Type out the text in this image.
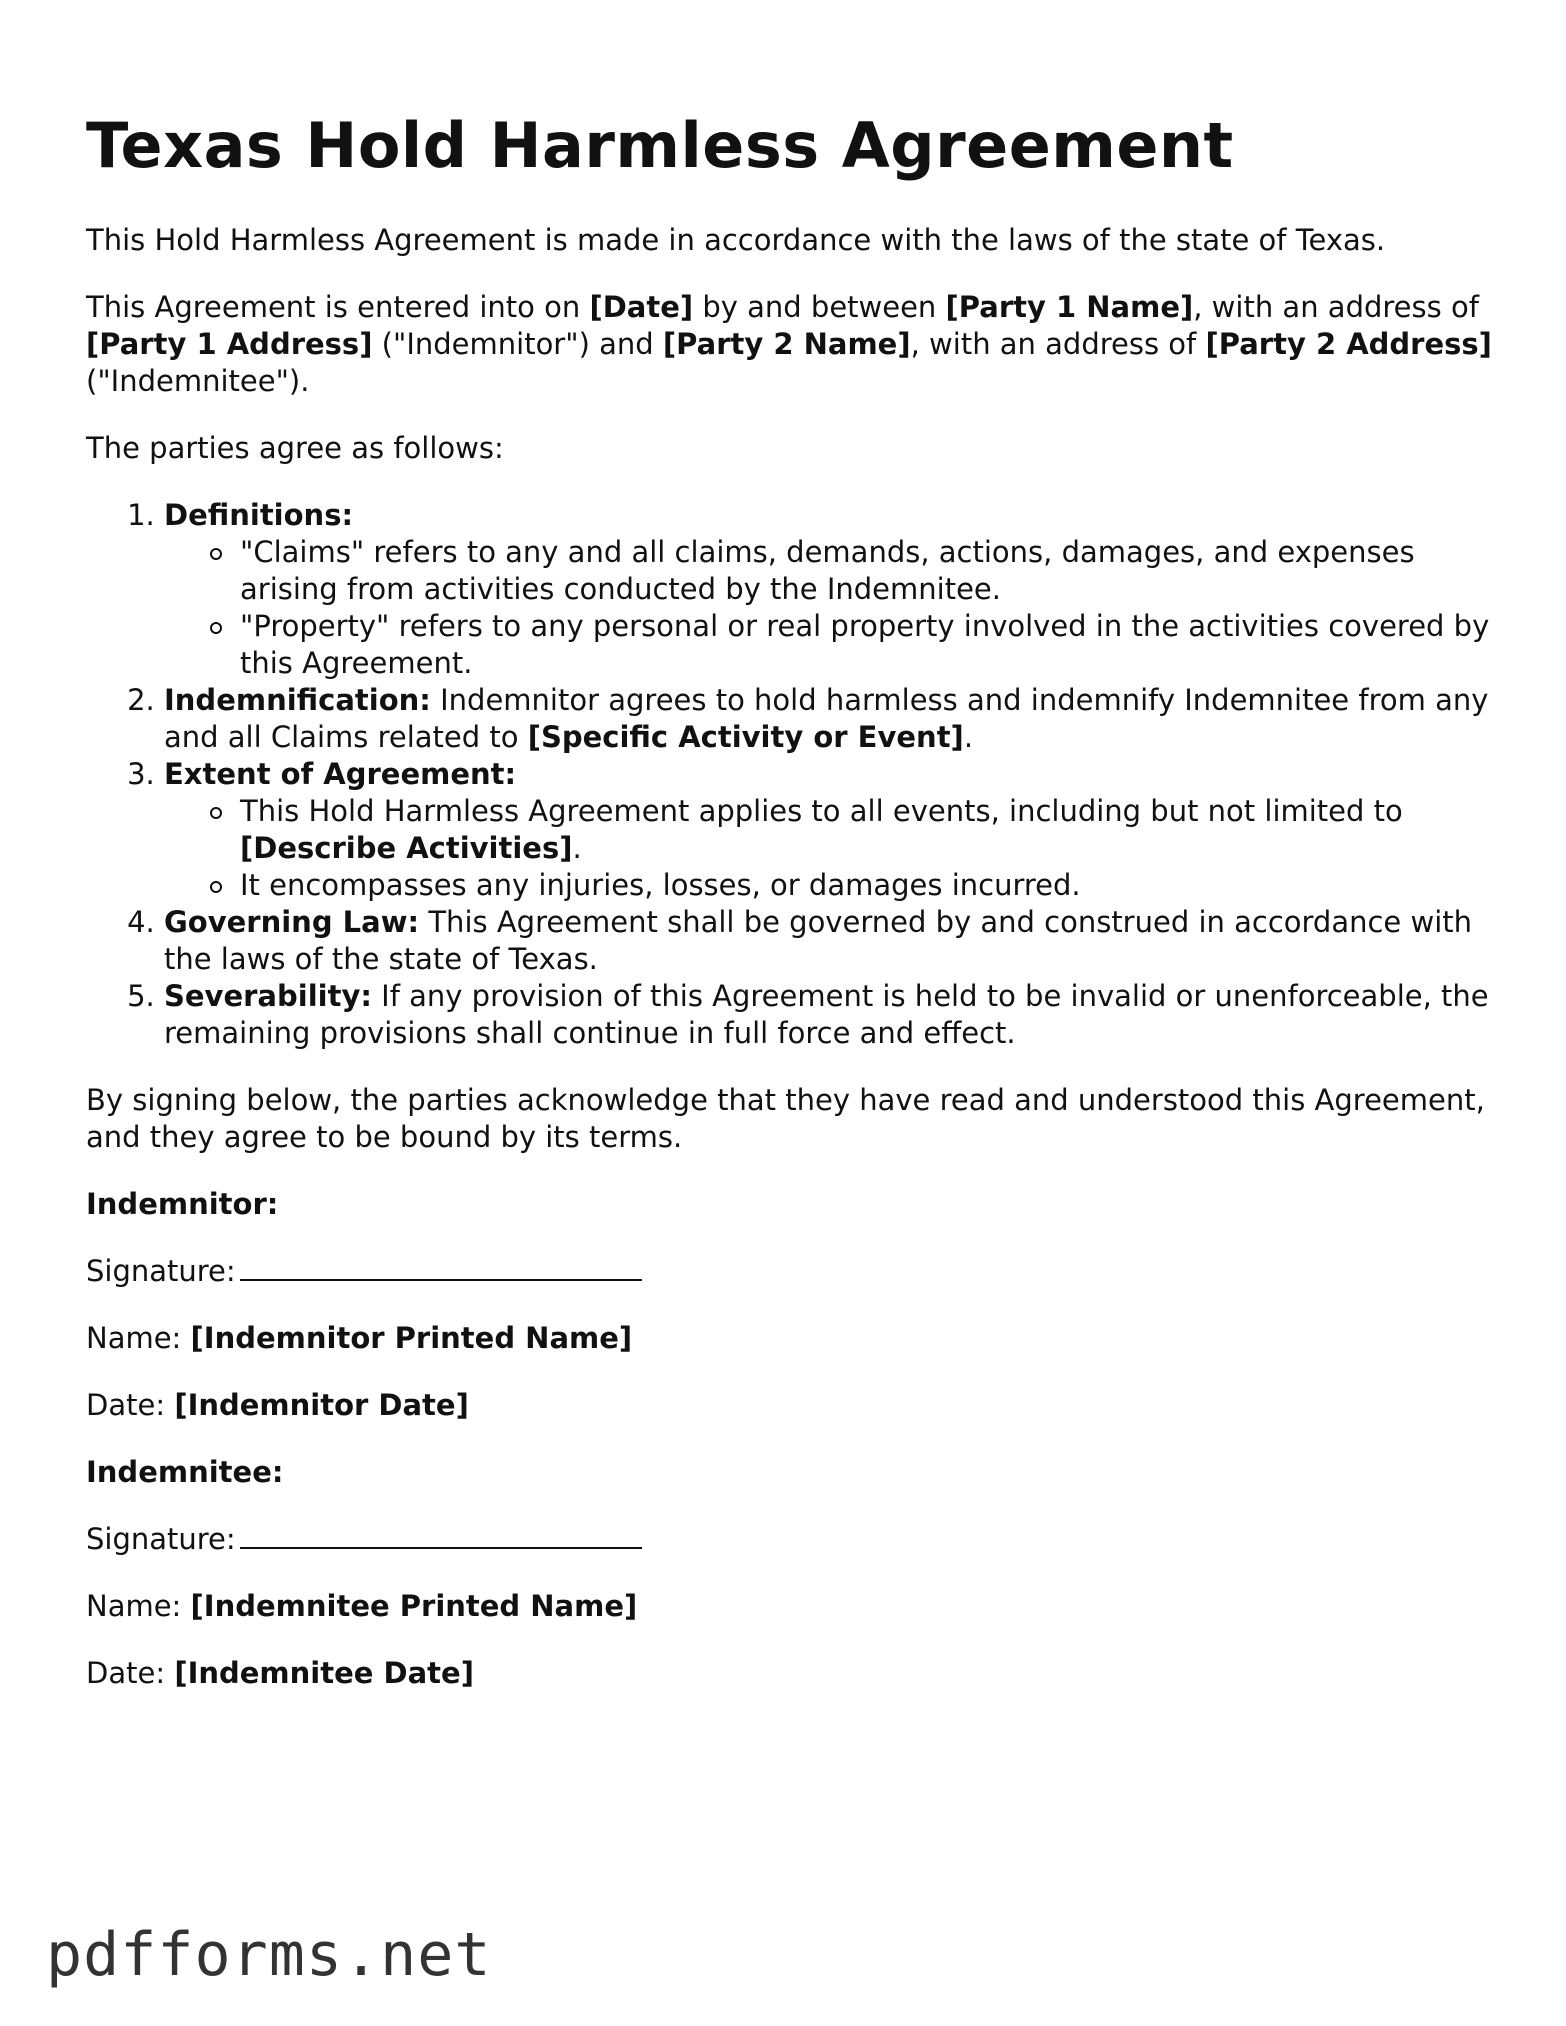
Texas Hold Harmless Agreement

This Hold Harmless Agreement is made in accordance with the laws of the state of Texas.

This Agreement is entered into on [Date] by and between [Party 1 Name], with an address of [Party 1 Address] ("Indemnitor") and [Party 2 Name], with an address of [Party 2 Address] ("Indemnitee").

The parties agree as follows:

1. Definitions:
"Claims" refers to any and all claims, demands, actions, damages, and expenses arising from activities conducted by the Indemnitee.
"Property" refers to any personal or real property involved in the activities covered by this Agreement.
2. Indemnification: Indemnitor agrees to hold harmless and indemnify Indemnitee from any and all Claims related to [Specific Activity or Event].
3. Extent of Agreement:
This Hold Harmless Agreement applies to all events, including but not limited to [Describe Activities].
It encompasses any injuries, losses, or damages incurred.
4. Governing Law: This Agreement shall be governed by and construed in accordance with the laws of the state of Texas.
5. Severability: If any provision of this Agreement is held to be invalid or unenforceable, the remaining provisions shall continue in full force and effect.

By signing below, the parties acknowledge that they have read and understood this Agreement, and they agree to be bound by its terms.

Indemnitor:

Signature:

Name: [Indemnitor Printed Name]

Date: [Indemnitor Date]

Indemnitee:

Signature:

Name: [Indemnitee Printed Name]

Date: [Indemnitee Date]

pdfforms.net
